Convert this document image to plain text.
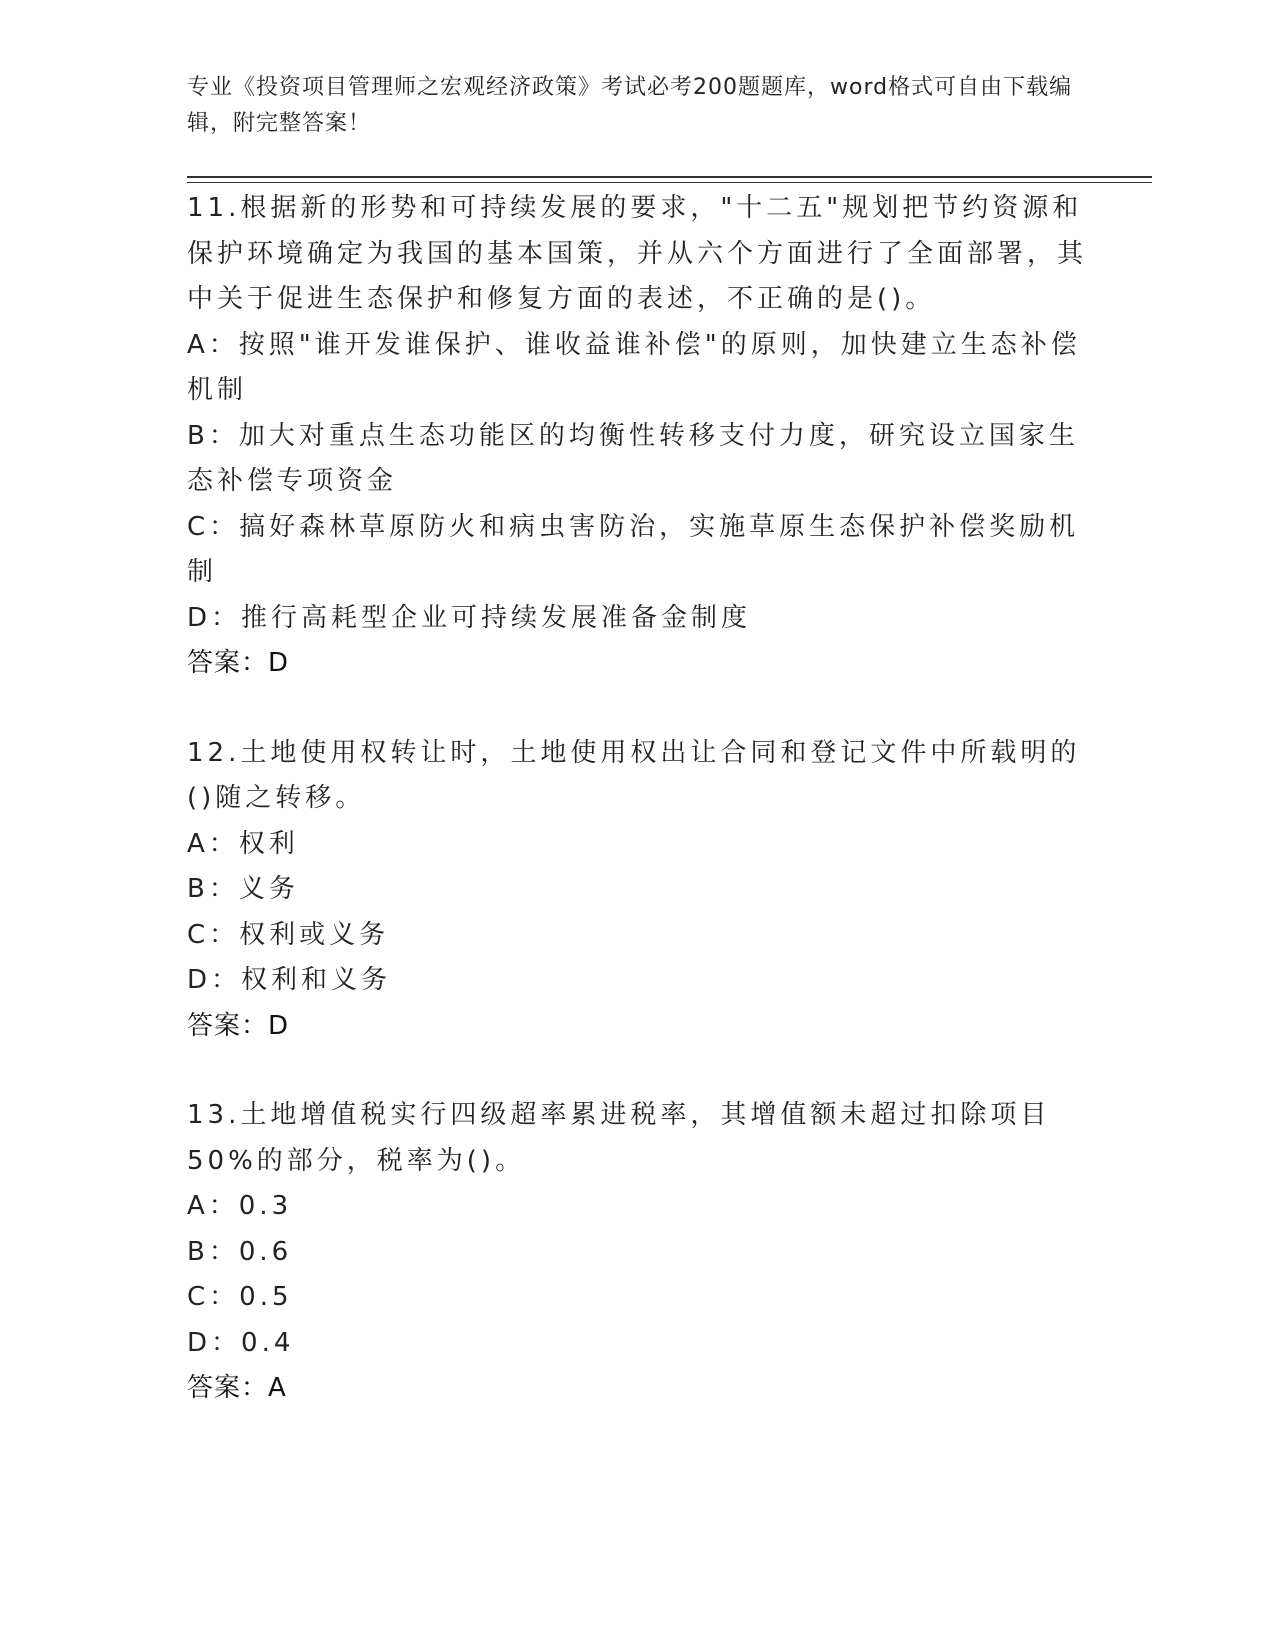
专业《投资项目管理师之宏观经济政策》考试必考200题题库，word格式可自由下载编辑，附完整答案！
11.根据新的形势和可持续发展的要求，"十二五"规划把节约资源和保护环境确定为我国的基本国策，并从六个方面进行了全面部署，其中关于促进生态保护和修复方面的表述，不正确的是()。
A：按照"谁开发谁保护、谁收益谁补偿"的原则，加快建立生态补偿机制
B：加大对重点生态功能区的均衡性转移支付力度，研究设立国家生态补偿专项资金
C：搞好森林草原防火和病虫害防治，实施草原生态保护补偿奖励机制
D：推行高耗型企业可持续发展准备金制度
答案：D
12.土地使用权转让时，土地使用权出让合同和登记文件中所载明的()随之转移。
A：权利
B：义务
C：权利或义务
D：权利和义务
答案：D
13.土地增值税实行四级超率累进税率，其增值额未超过扣除项目50%的部分，税率为()。
A：0.3
B：0.6
C：0.5
D：0.4
答案：A
